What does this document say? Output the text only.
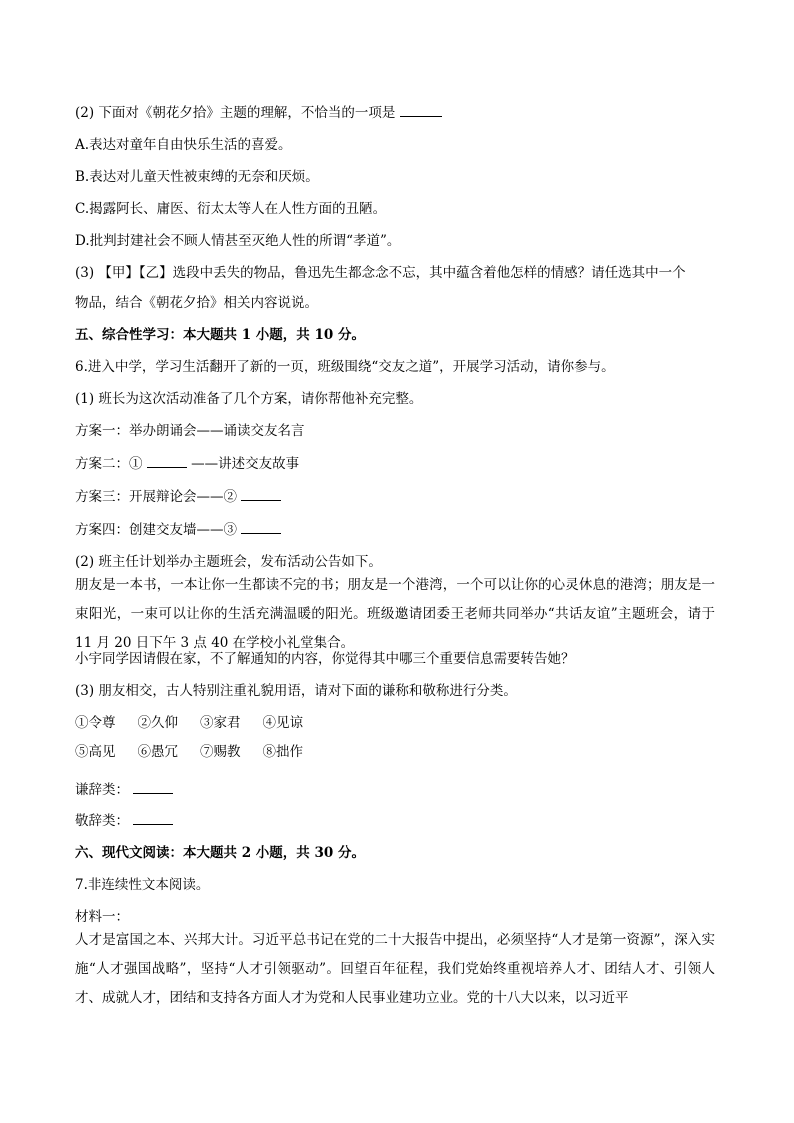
(2) 下面对《朝花夕拾》主题的理解，不恰当的一项是
A.表达对童年自由快乐生活的喜爱。
B.表达对儿童天性被束缚的无奈和厌烦。
C.揭露阿长、庸医、衍太太等人在人性方面的丑陋。
D.批判封建社会不顾人情甚至灭绝人性的所谓“孝道”。
(3) 【甲】【乙】选段中丢失的物品，鲁迅先生都念念不忘，其中蕴含着他怎样的情感？请任选其中一个
物品，结合《朝花夕拾》相关内容说说。
五、综合性学习：本大题共 1 小题，共 10 分。
6.进入中学，学习生活翻开了新的一页，班级围绕“交友之道”，开展学习活动，请你参与。
(1) 班长为这次活动准备了几个方案，请你帮他补充完整。
方案一：举办朗诵会——诵读交友名言
方案二：①	——讲述交友故事
方案三：开展辩论会——②
方案四：创建交友墙——③
(2) 班主任计划举办主题班会，发布活动公告如下。
朋友是一本书，一本让你一生都读不完的书；朋友是一个港湾，一个可以让你的心灵休息的港湾；朋友是一束阳光，一束可以让你的生活充满温暖的阳光。班级邀请团委王老师共同举办“共话友谊”主题班会，请于 11 月 20 日下午 3 点 40 在学校小礼堂集合。
小宇同学因请假在家，不了解通知的内容，你觉得其中哪三个重要信息需要转告她？
(3) 朋友相交，古人特别注重礼貌用语，请对下面的谦称和敬称进行分类。
①令尊 ②久仰 ③家君 ④见谅
⑤高见 ⑥愚冗 ⑦赐教 ⑧拙作
谦辞类：
敬辞类：
六、现代文阅读：本大题共 2 小题，共 30 分。
7.非连续性文本阅读。
材料一：
人才是富国之本、兴邦大计。习近平总书记在党的二十大报告中提出，必须坚持“人才是第一资源”，深入实施“人才强国战略”，坚持“人才引领驱动”。回望百年征程，我们党始终重视培养人才、团结人才、引领人才、成就人才，团结和支持各方面人才为党和人民事业建功立业。党的十八大以来，以习近平
